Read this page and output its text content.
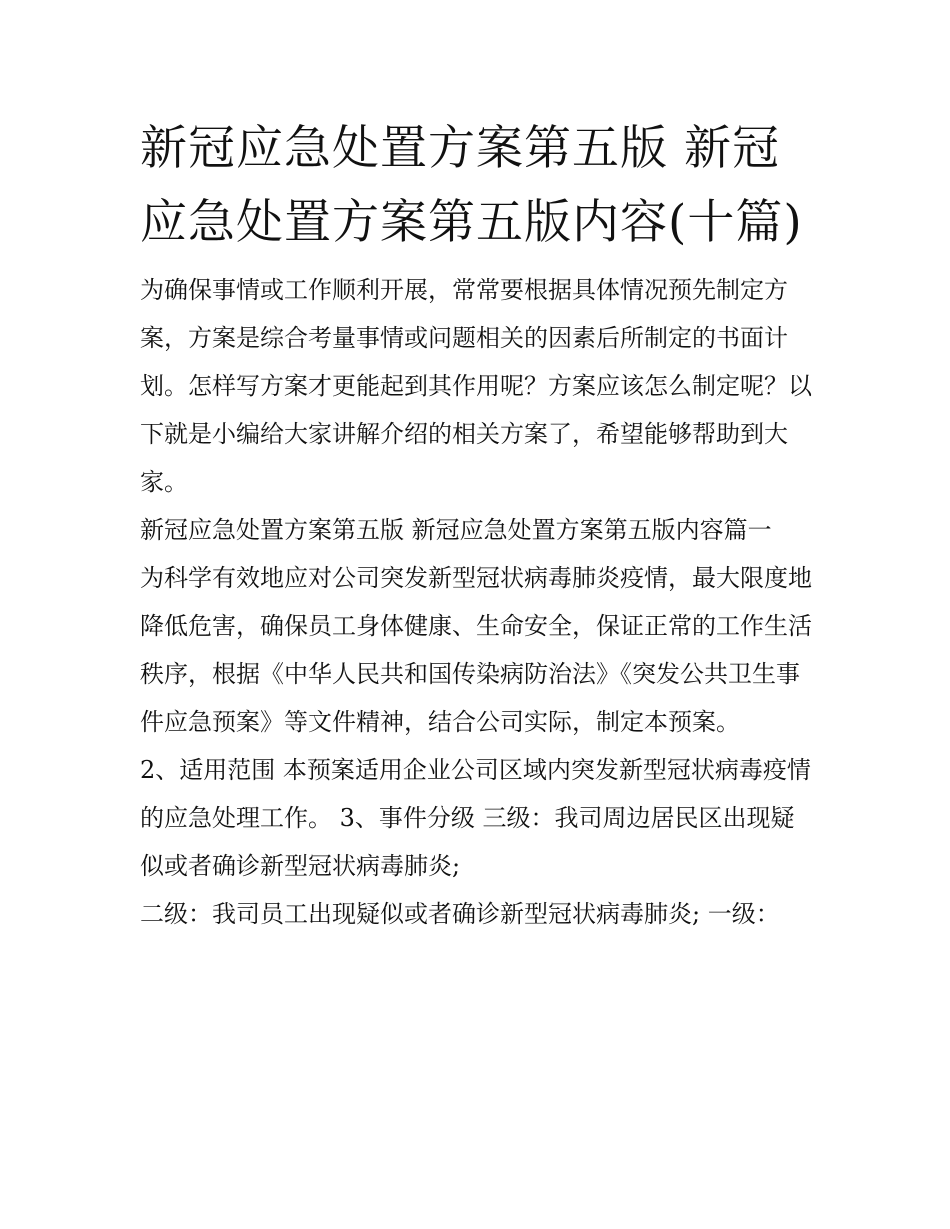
新冠应急处置方案第五版 新冠应急处置方案第五版内容(十篇)

为确保事情或工作顺利开展，常常要根据具体情况预先制定方案，方案是综合考量事情或问题相关的因素后所制定的书面计划。怎样写方案才更能起到其作用呢？方案应该怎么制定呢？以下就是小编给大家讲解介绍的相关方案了，希望能够帮助到大家。

新冠应急处置方案第五版 新冠应急处置方案第五版内容篇一

为科学有效地应对公司突发新型冠状病毒肺炎疫情，最大限度地降低危害，确保员工身体健康、生命安全，保证正常的工作生活秩序，根据《中华人民共和国传染病防治法》《突发公共卫生事件应急预案》等文件精神，结合公司实际，制定本预案。

2、适用范围 本预案适用企业公司区域内突发新型冠状病毒疫情的应急处理工作。 3、事件分级 三级：我司周边居民区出现疑似或者确诊新型冠状病毒肺炎;

二级：我司员工出现疑似或者确诊新型冠状病毒肺炎; 一级：
